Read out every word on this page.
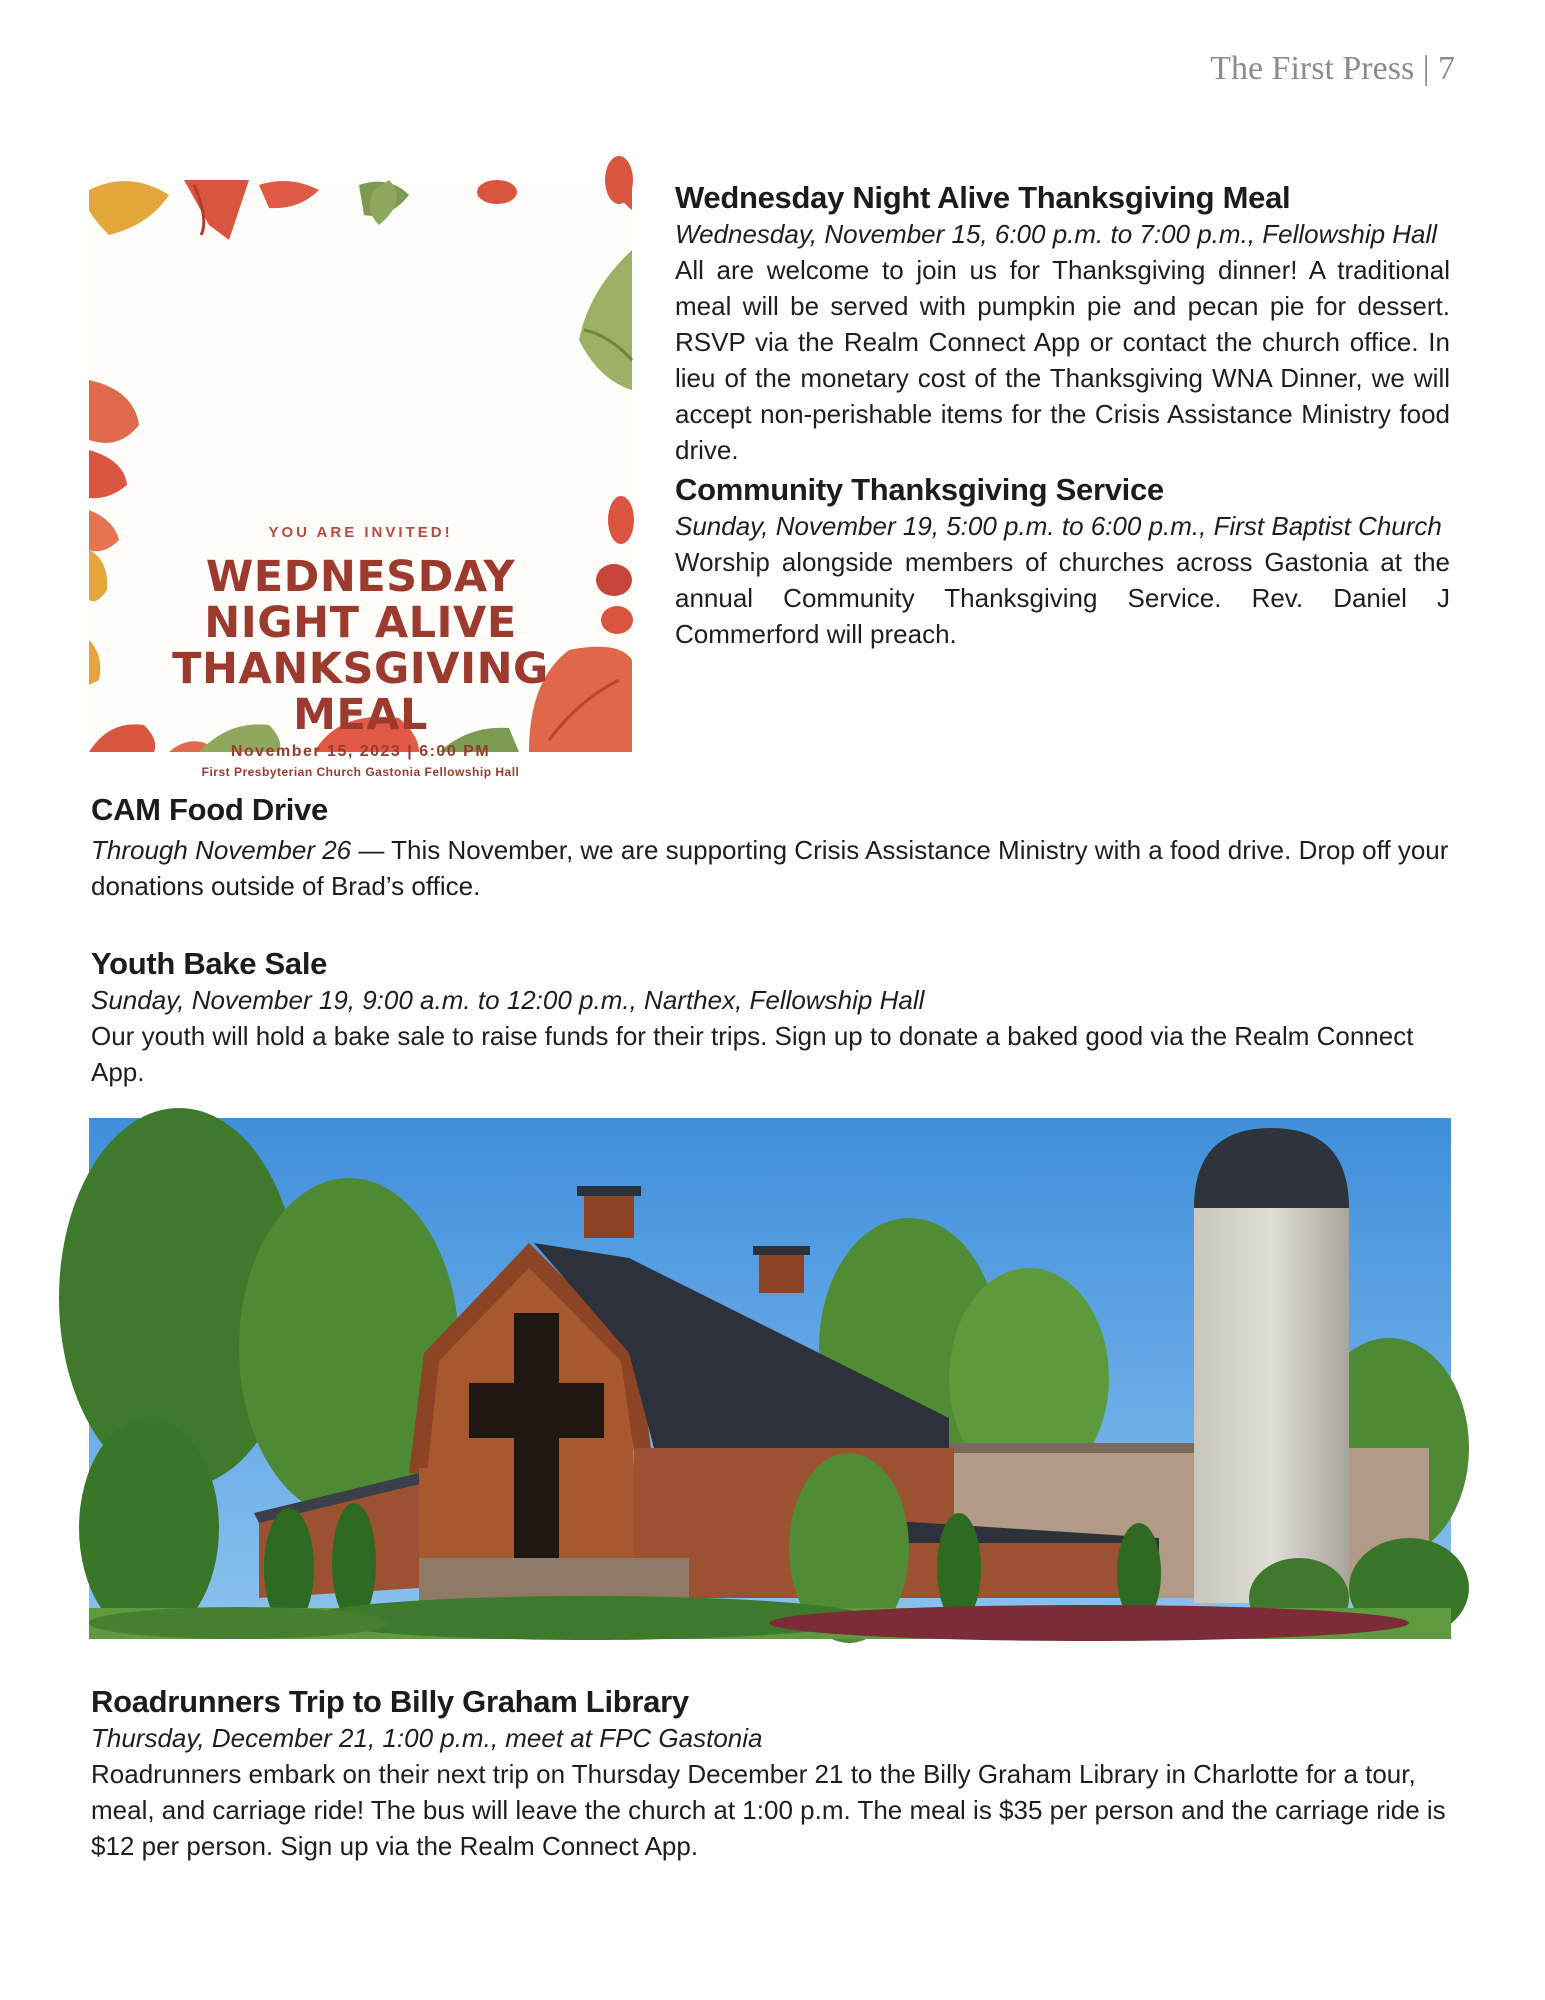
The First Press | 7
YOU ARE INVITED!
WEDNESDAY
NIGHT ALIVE
THANKSGIVING
MEAL
November 15, 2023 | 6:00 PM
First Presbyterian Church Gastonia Fellowship Hall
Wednesday Night Alive Thanksgiving Meal
Wednesday, November 15, 6:00 p.m. to 7:00 p.m., Fellowship Hall

All are welcome to join us for Thanksgiving dinner! A traditional meal will be served with pumpkin pie and pecan pie for dessert. RSVP via the Realm Connect App or contact the church office. In lieu of the monetary cost of the Thanksgiving WNA Dinner, we will accept non-perishable items for the Crisis Assistance Ministry food drive.

Community Thanksgiving Service
Sunday, November 19, 5:00 p.m. to 6:00 p.m., First Baptist Church

Worship alongside members of churches across Gastonia at the annual Community Thanksgiving Service. Rev. Daniel J Commerford will preach.

CAM Food Drive

Through November 26 — This November, we are supporting Crisis Assistance Ministry with a food drive. Drop off your donations outside of Brad’s office.

Youth Bake Sale
Sunday, November 19, 9:00 a.m. to 12:00 p.m., Narthex, Fellowship Hall

Our youth will hold a bake sale to raise funds for their trips. Sign up to donate a baked good via the Realm Connect App.

Roadrunners Trip to Billy Graham Library
Thursday, December 21, 1:00 p.m., meet at FPC Gastonia

Roadrunners embark on their next trip on Thursday December 21 to the Billy Graham Library in Charlotte for a tour, meal, and carriage ride! The bus will leave the church at 1:00 p.m. The meal is $35 per person and the carriage ride is $12 per person. Sign up via the Realm Connect App.
